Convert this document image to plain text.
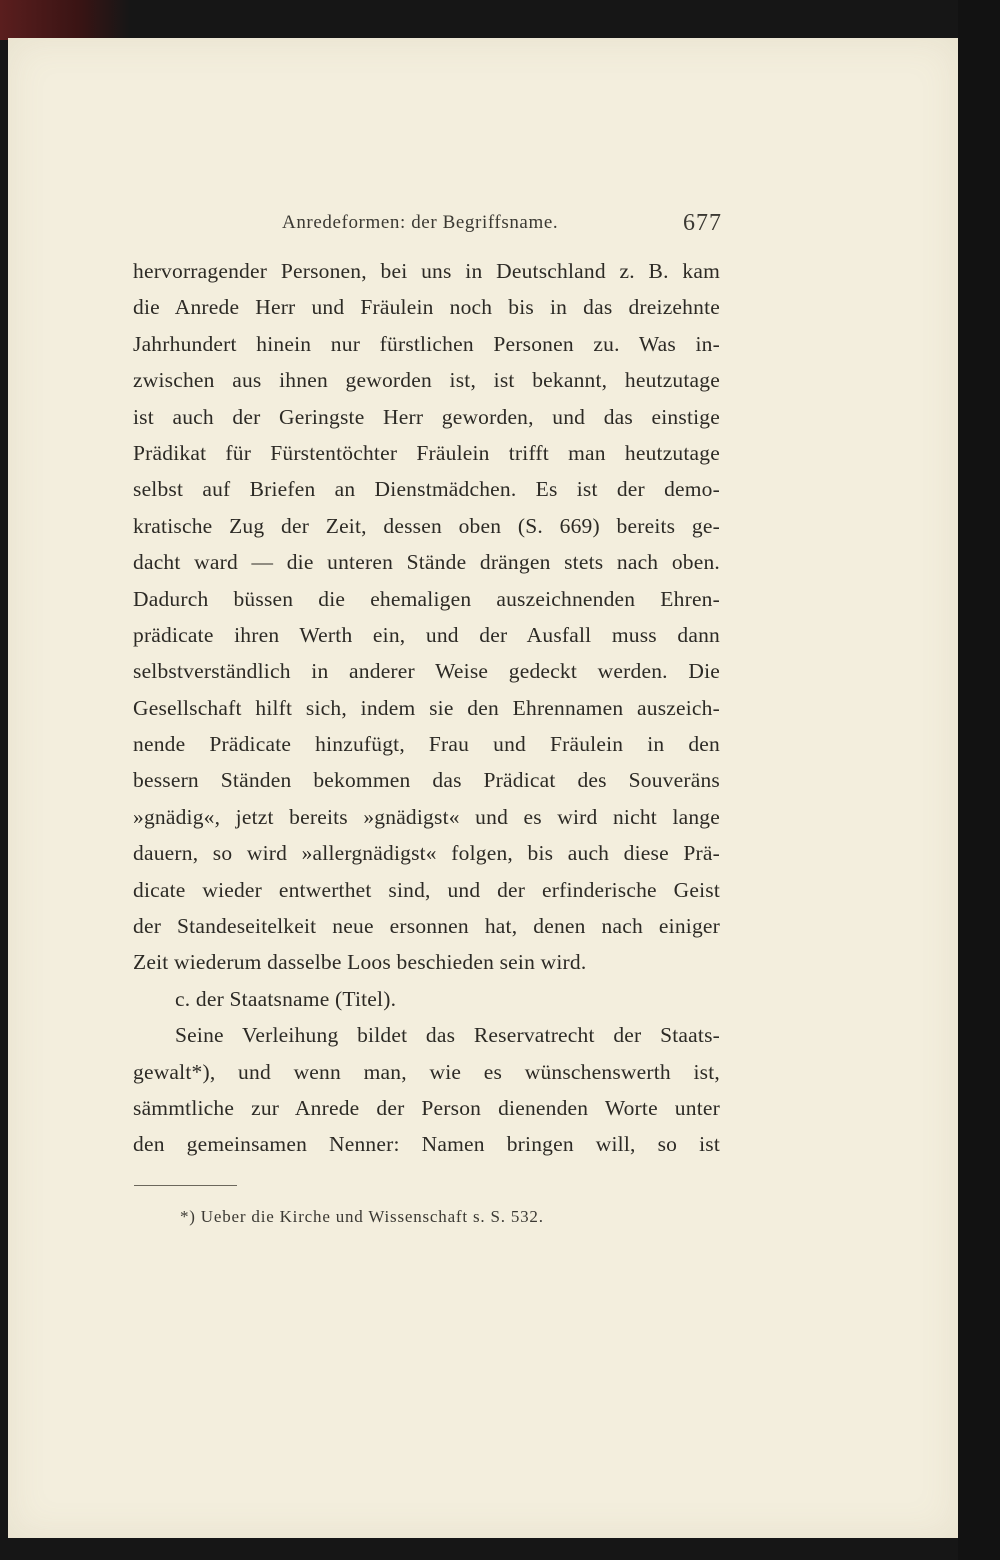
Anredeformen: der Begriffsname.	677
hervorragender Personen, bei uns in Deutschland z. B. kam
die Anrede Herr und Fräulein noch bis in das dreizehnte
Jahrhundert hinein nur fürstlichen Personen zu. Was in-
zwischen aus ihnen geworden ist, ist bekannt, heutzutage
ist auch der Geringste Herr geworden, und das einstige
Prädikat für Fürstentöchter Fräulein trifft man heutzutage
selbst auf Briefen an Dienstmädchen. Es ist der demo-
kratische Zug der Zeit, dessen oben (S. 669) bereits ge-
dacht ward — die unteren Stände drängen stets nach oben.
Dadurch büssen die ehemaligen auszeichnenden Ehren-
prädicate ihren Werth ein, und der Ausfall muss dann
selbstverständlich in anderer Weise gedeckt werden. Die
Gesellschaft hilft sich, indem sie den Ehrennamen auszeich-
nende Prädicate hinzufügt, Frau und Fräulein in den
bessern Ständen bekommen das Prädicat des Souveräns
»gnädig«, jetzt bereits »gnädigst« und es wird nicht lange
dauern, so wird »allergnädigst« folgen, bis auch diese Prä-
dicate wieder entwerthet sind, und der erfinderische Geist
der Standeseitelkeit neue ersonnen hat, denen nach einiger
Zeit wiederum dasselbe Loos beschieden sein wird.
c. der Staatsname (Titel).
Seine Verleihung bildet das Reservatrecht der Staats-
gewalt*), und wenn man, wie es wünschenswerth ist,
sämmtliche zur Anrede der Person dienenden Worte unter
den gemeinsamen Nenner: Namen bringen will, so ist
*) Ueber die Kirche und Wissenschaft s. S. 532.
